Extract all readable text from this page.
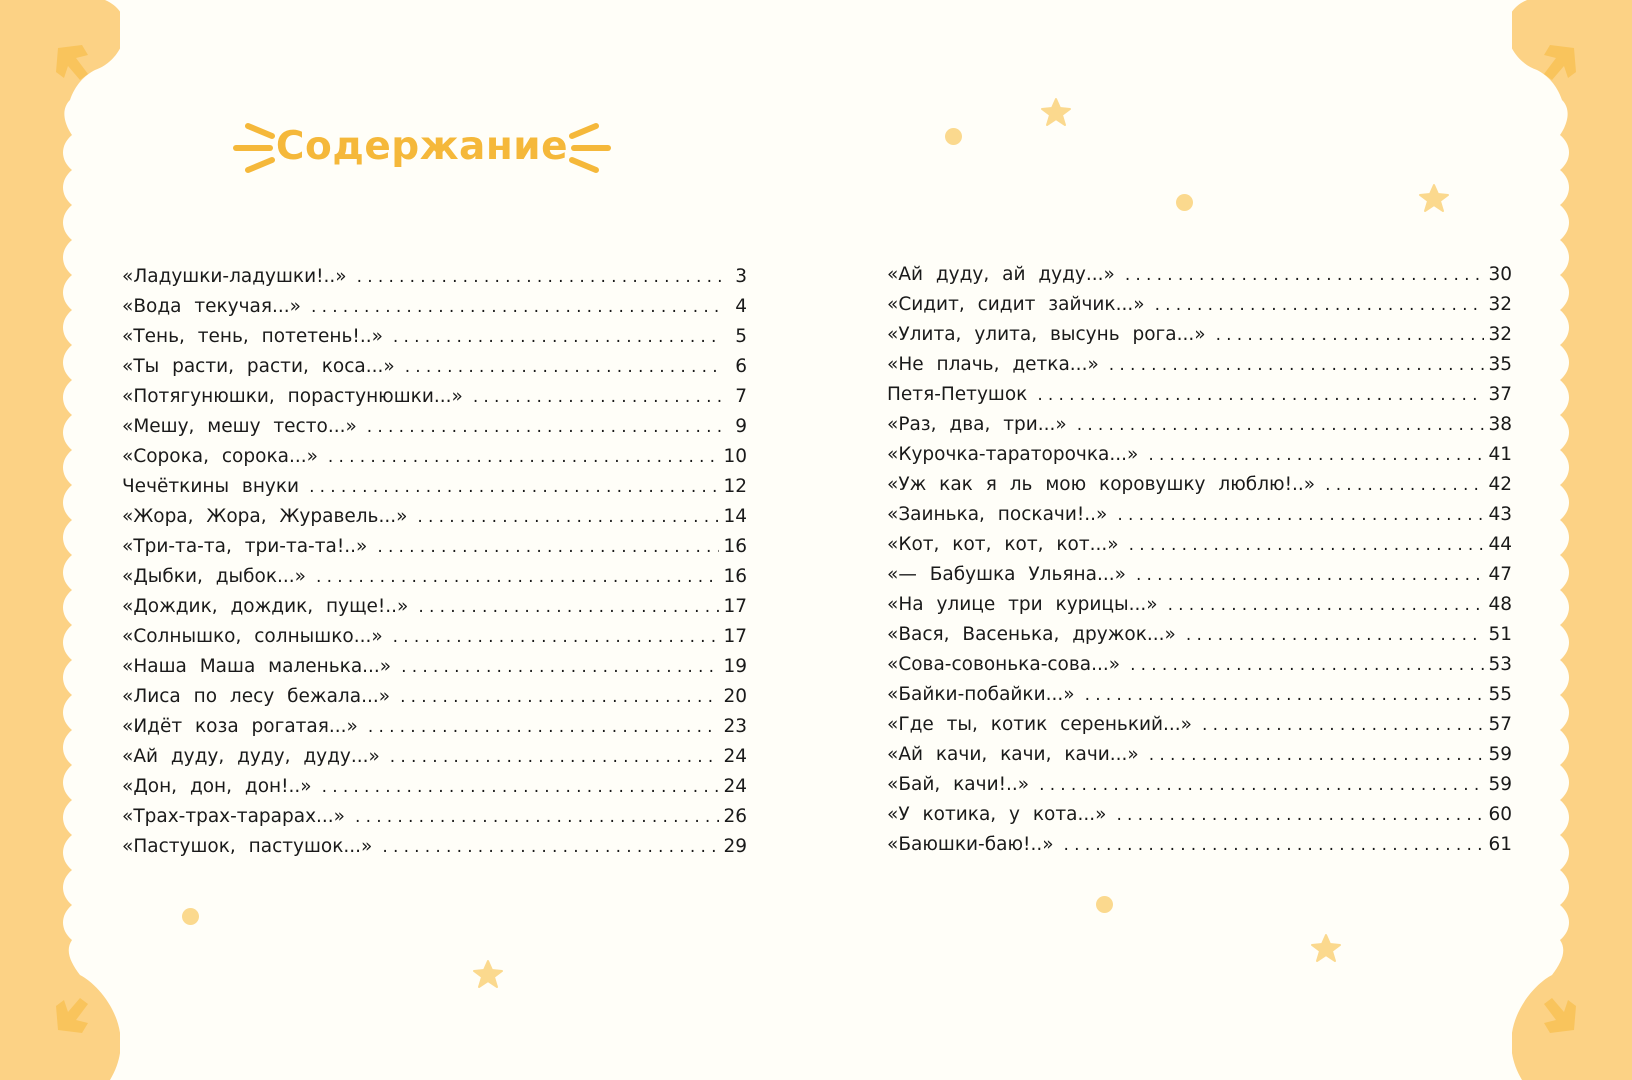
Содержание
«Ладушки-ладушки!..» .....	3
«Вода текучая...» .....	4
«Тень, тень, потетень!..» .....	5
«Ты расти, расти, коса...» .....	6
«Потягунюшки, порастунюшки...» .....	7
«Мешу, мешу тесто...» .....	9
«Сорока, сорока...» .....	10
Чечёткины внуки .....	12
«Жора, Жора, Журавель...» .....	14
«Три-та-та, три-та-та!..» .....	16
«Дыбки, дыбок...» .....	16
«Дождик, дождик, пуще!..» .....	17
«Солнышко, солнышко...» .....	17
«Наша Маша маленька...» .....	19
«Лиса по лесу бежала...» .....	20
«Идёт коза рогатая...» .....	23
«Ай дуду, дуду, дуду...» .....	24
«Дон, дон, дон!..» .....	24
«Трах-трах-тарарах...» .....	26
«Пастушок, пастушок...» .....	29
«Ай дуду, ай дуду...» .....	30
«Сидит, сидит зайчик...» .....	32
«Улита, улита, высунь рога...» .....	32
«Не плачь, детка...» .....	35
Петя-Петушок .....	37
«Раз, два, три...» .....	38
«Курочка-тараторочка...» .....	41
«Уж как я ль мою коровушку люблю!..» .....	42
«Заинька, поскачи!..» .....	43
«Кот, кот, кот, кот...» .....	44
«— Бабушка Ульяна...» .....	47
«На улице три курицы...» .....	48
«Вася, Васенька, дружок...» .....	51
«Сова-совонька-сова...» .....	53
«Байки-побайки...» .....	55
«Где ты, котик серенький...» .....	57
«Ай качи, качи, качи...» .....	59
«Бай, качи!..» .....	59
«У котика, у кота...» .....	60
«Баюшки-баю!..» .....	61
